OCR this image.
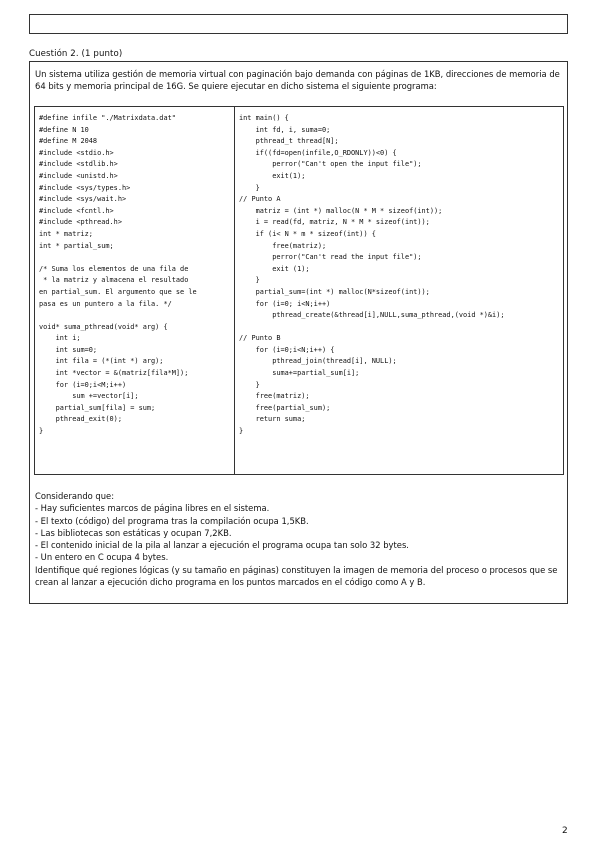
Cuestión 2. (1 punto)

Un sistema utiliza gestión de memoria virtual con paginación bajo demanda con páginas de 1KB, direcciones de memoria de 64 bits y memoria principal de 16G. Se quiere ejecutar en dicho sistema el siguiente programa:

#define infile "./Matrixdata.dat"
#define N 10
#define M 2048
#include <stdio.h>
#include <stdlib.h>
#include <unistd.h>
#include <sys/types.h>
#include <sys/wait.h>
#include <fcntl.h>
#include <pthread.h>
int * matriz;
int * partial_sum;
/* Suma los elementos de una fila de
* la matriz y almacena el resultado
en partial_sum. El argumento que se le
pasa es un puntero a la fila. */
void* suma_pthread(void* arg) {
int i;
int sum=0;
int fila = (*(int *) arg);
int *vector = &(matriz[fila*M]);
for (i=0;i<M;i++)
sum +=vector[i];
partial_sum[fila] = sum;
pthread_exit(0);
}
int main() {
int fd, i, suma=0;
pthread_t thread[N];
if((fd=open(infile,O_RDONLY))<0) {
perror("Can't open the input file");
exit(1);
}
// Punto A
matriz = (int *) malloc(N * M * sizeof(int));
i = read(fd, matriz, N * M * sizeof(int));
if (i< N * m * sizeof(int)) {
free(matriz);
perror("Can't read the input file");
exit (1);
}
partial_sum=(int *) malloc(N*sizeof(int));
for (i=0; i<N;i++)
pthread_create(&thread[i],NULL,suma_pthread,(void *)&i);
// Punto B
for (i=0;i<N;i++) {
pthread_join(thread[i], NULL);
suma+=partial_sum[i];
}
free(matriz);
free(partial_sum);
return suma;
}
Considerando que:
- Hay suficientes marcos de página libres en el sistema.
- El texto (código) del programa tras la compilación ocupa 1,5KB.
- Las bibliotecas son estáticas y ocupan 7,2KB.
- El contenido inicial de la pila al lanzar a ejecución el programa ocupa tan solo 32 bytes.
- Un entero en C ocupa 4 bytes.

Identifique qué regiones lógicas (y su tamaño en páginas) constituyen la imagen de memoria del proceso o procesos que se crean al lanzar a ejecución dicho programa en los puntos marcados en el código como A y B.

2
